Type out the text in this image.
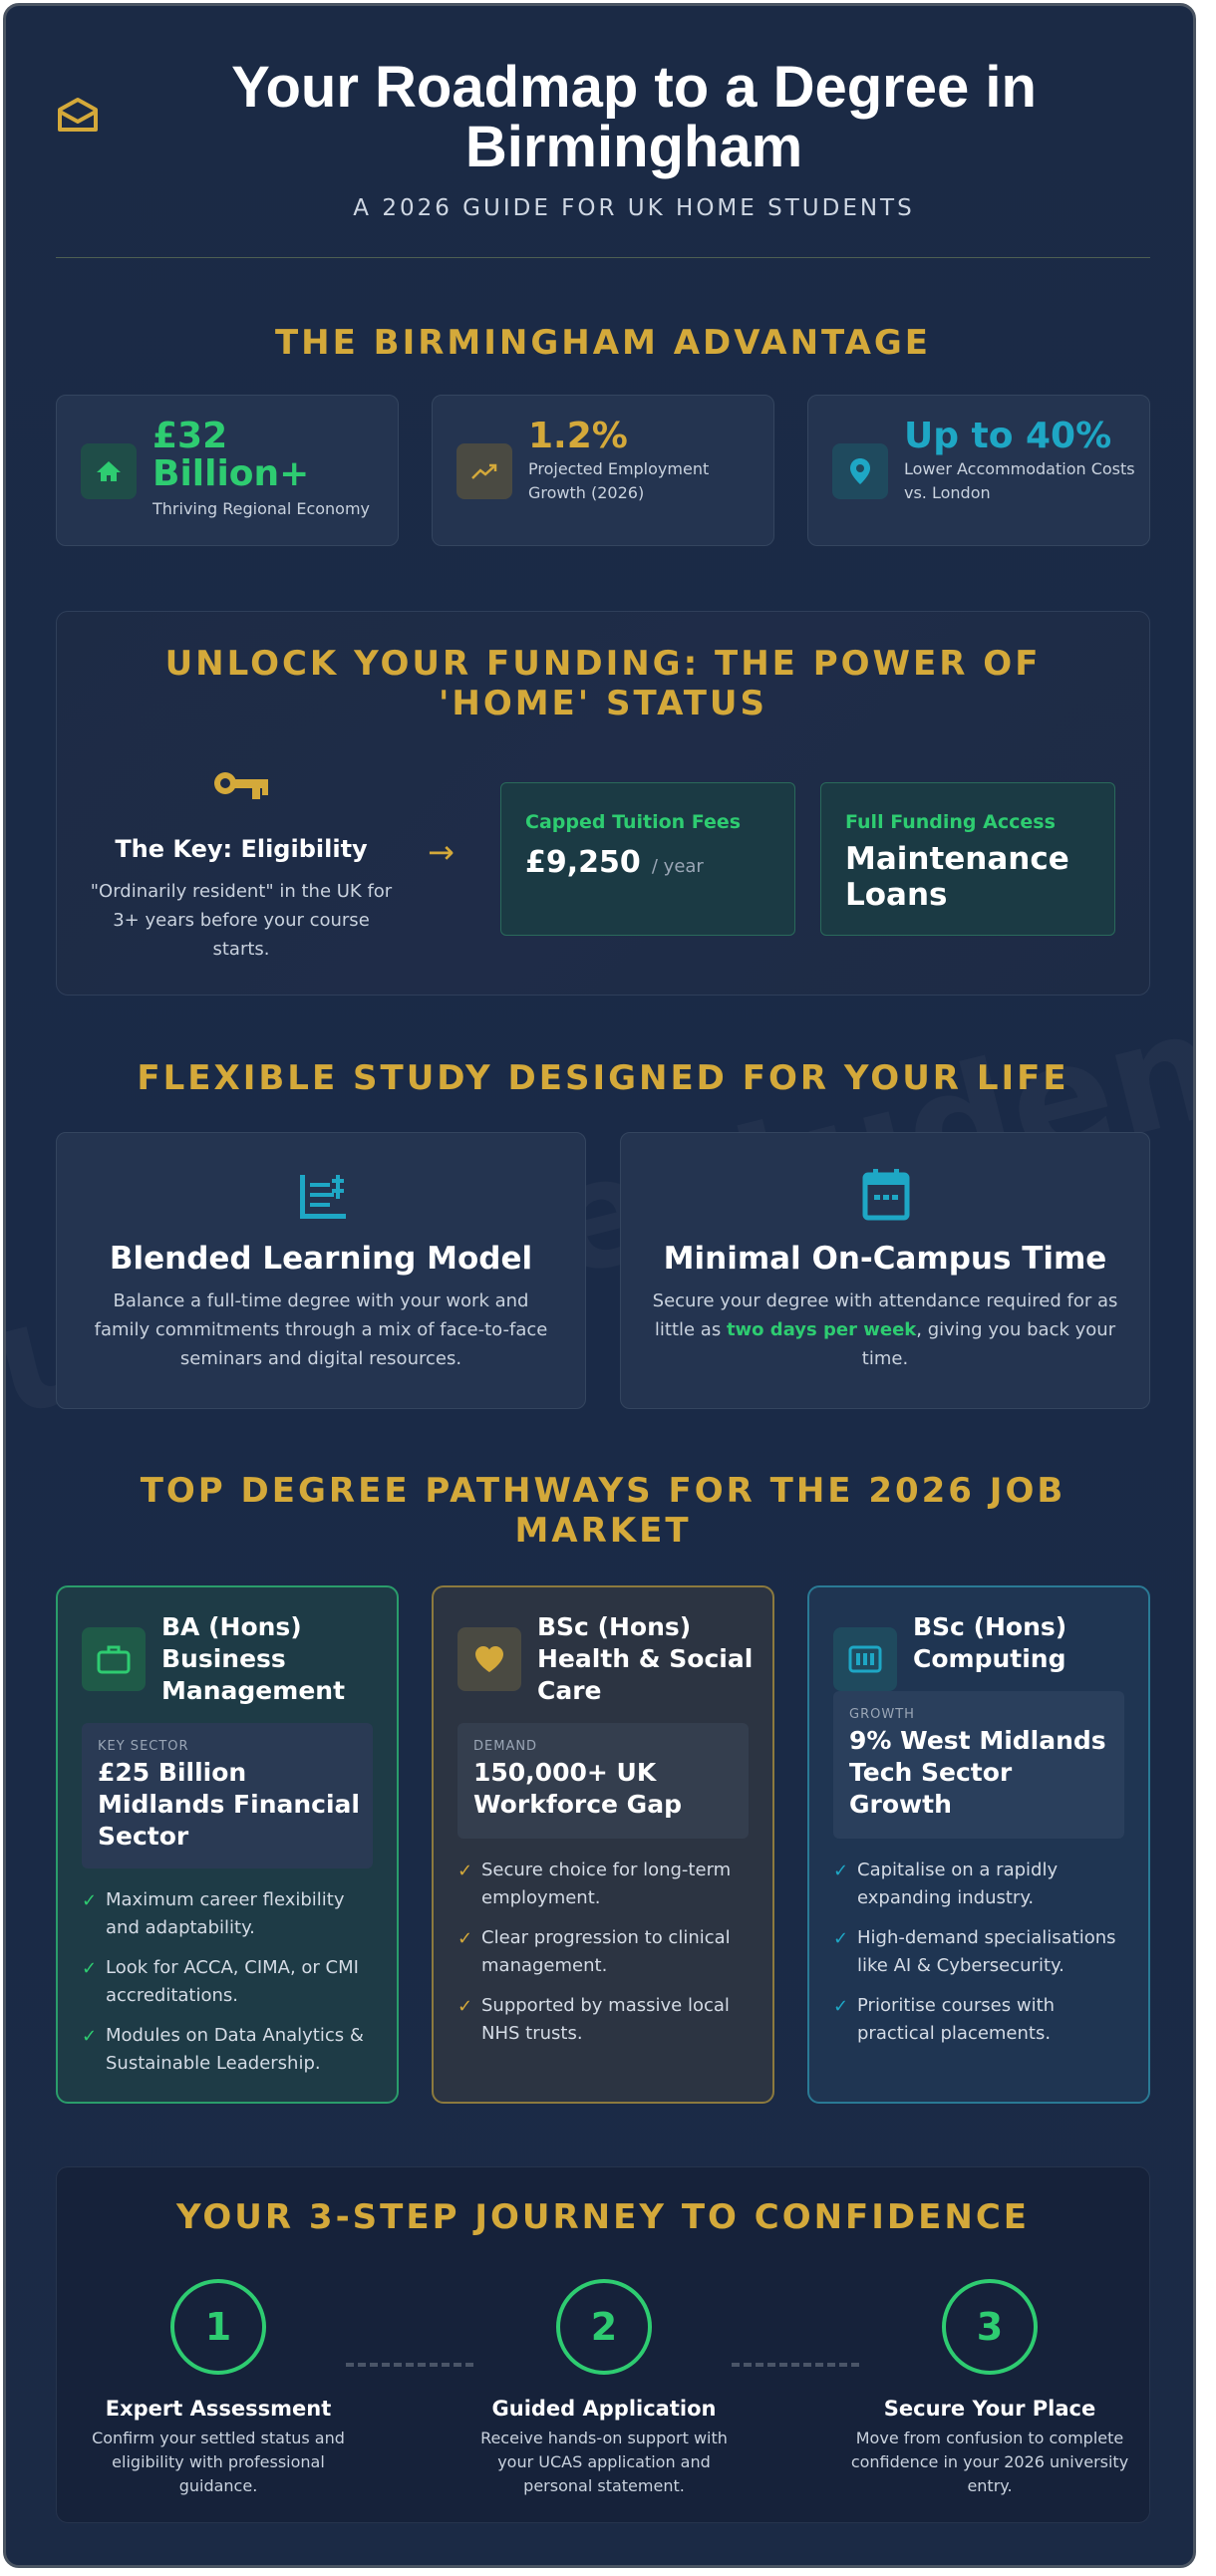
Your Roadmap to a Degree in Birmingham
A 2026 GUIDE FOR UK HOME STUDENTS
THE BIRMINGHAM ADVANTAGE
£32 Billion+
Thriving Regional Economy
1.2%
Projected Employment Growth (2026)
Up to 40%
Lower Accommodation Costs vs. London
UNLOCK YOUR FUNDING: THE POWER OF 'HOME' STATUS
The Key: Eligibility
"Ordinarily resident" in the UK for 3+ years before your course starts.
→
Capped Tuition Fees
£9,250 / year
Full Funding Access
Maintenance Loans
FLEXIBLE STUDY DESIGNED FOR YOUR LIFE
Blended Learning Model
Balance a full-time degree with your work and family commitments through a mix of face-to-face seminars and digital resources.
Minimal On-Campus Time
Secure your degree with attendance required for as little as two days per week, giving you back your time.
TOP DEGREE PATHWAYS FOR THE 2026 JOB MARKET
BA (Hons) Business Management
KEY SECTOR
£25 Billion Midlands Financial Sector
✓ Maximum career flexibility and adaptability.
✓ Look for ACCA, CIMA, or CMI accreditations.
✓ Modules on Data Analytics & Sustainable Leadership.
BSc (Hons) Health & Social Care
DEMAND
150,000+ UK Workforce Gap
✓ Secure choice for long-term employment.
✓ Clear progression to clinical management.
✓ Supported by massive local NHS trusts.
BSc (Hons) Computing
GROWTH
9% West Midlands Tech Sector Growth
✓ Capitalise on a rapidly expanding industry.
✓ High-demand specialisations like AI & Cybersecurity.
✓ Prioritise courses with practical placements.
YOUR 3-STEP JOURNEY TO CONFIDENCE
1	2	3
Expert Assessment
Confirm your settled status and eligibility with professional guidance.
Guided Application
Receive hands-on support with your UCAS application and personal statement.
Secure Your Place
Move from confusion to complete confidence in your 2026 university entry.
